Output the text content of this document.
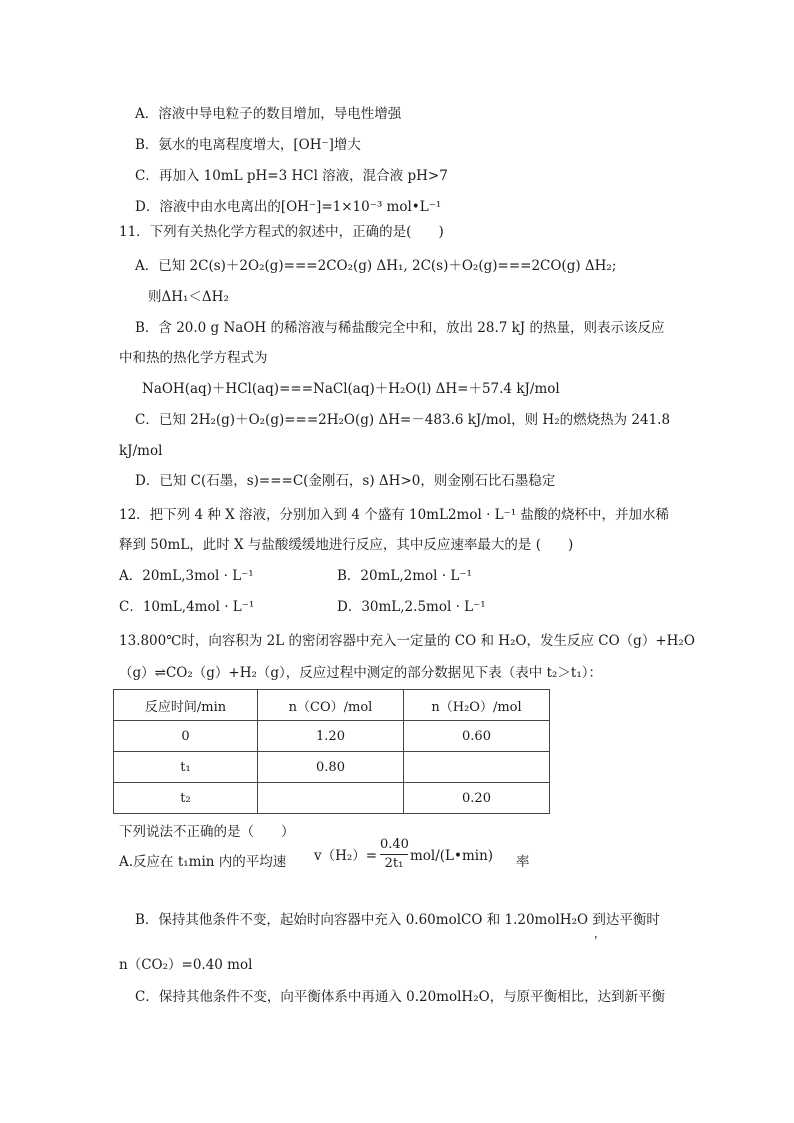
A．溶液中导电粒子的数目增加，导电性增强
B．氨水的电离程度增大，[OH⁻]增大
C．再加入 10mL pH=3 HCl 溶液，混合液 pH>7
D．溶液中由水电离出的[OH⁻]=1×10⁻³ mol•L⁻¹
11．下列有关热化学方程式的叙述中，正确的是(　　)
A．已知 2C(s)＋2O₂(g)===2CO₂(g) ΔH₁, 2C(s)＋O₂(g)===2CO(g) ΔH₂;
则ΔH₁＜ΔH₂
B．含 20.0 g NaOH 的稀溶液与稀盐酸完全中和，放出 28.7 kJ 的热量，则表示该反应
中和热的热化学方程式为
NaOH(aq)＋HCl(aq)===NaCl(aq)＋H₂O(l) ΔH=＋57.4 kJ/mol
C．已知 2H₂(g)＋O₂(g)===2H₂O(g) ΔH=－483.6 kJ/mol，则 H₂的燃烧热为 241.8
kJ/mol
D．已知 C(石墨，s)===C(金刚石，s) ΔH>0，则金刚石比石墨稳定
12．把下列 4 种 X 溶液，分别加入到 4 个盛有 10mL2mol · L⁻¹ 盐酸的烧杯中，并加水稀
释到 50mL，此时 X 与盐酸缓缓地进行反应，其中反应速率最大的是 (　　)
A．20mL,3mol · L⁻¹	B．20mL,2mol · L⁻¹
C．10mL,4mol · L⁻¹	D．30mL,2.5mol · L⁻¹
13.800℃时，向容积为 2L 的密闭容器中充入一定量的 CO 和 H₂O，发生反应 CO（g）+H₂O
（g）⇌CO₂（g）+H₂（g），反应过程中测定的部分数据见下表（表中 t₂＞t₁）：
反应时间/min	n（CO）/mol	n（H₂O）/mol
0	1.20	0.60
t₁	0.80	
t₂		0.20
下列说法不正确的是（　　）
A.反应在 t₁min 内的平均速 $v(H_2)= \frac{0.40}{\text{2t₁}}$ mol/(L•min) 率
B．保持其他条件不变，起始时向容器中充入 0.60molCO 和 1.20molH₂O 到达平衡时
，
n（CO₂）=0.40 mol
C．保持其他条件不变，向平衡体系中再通入 0.20molH₂O，与原平衡相比，达到新平衡
